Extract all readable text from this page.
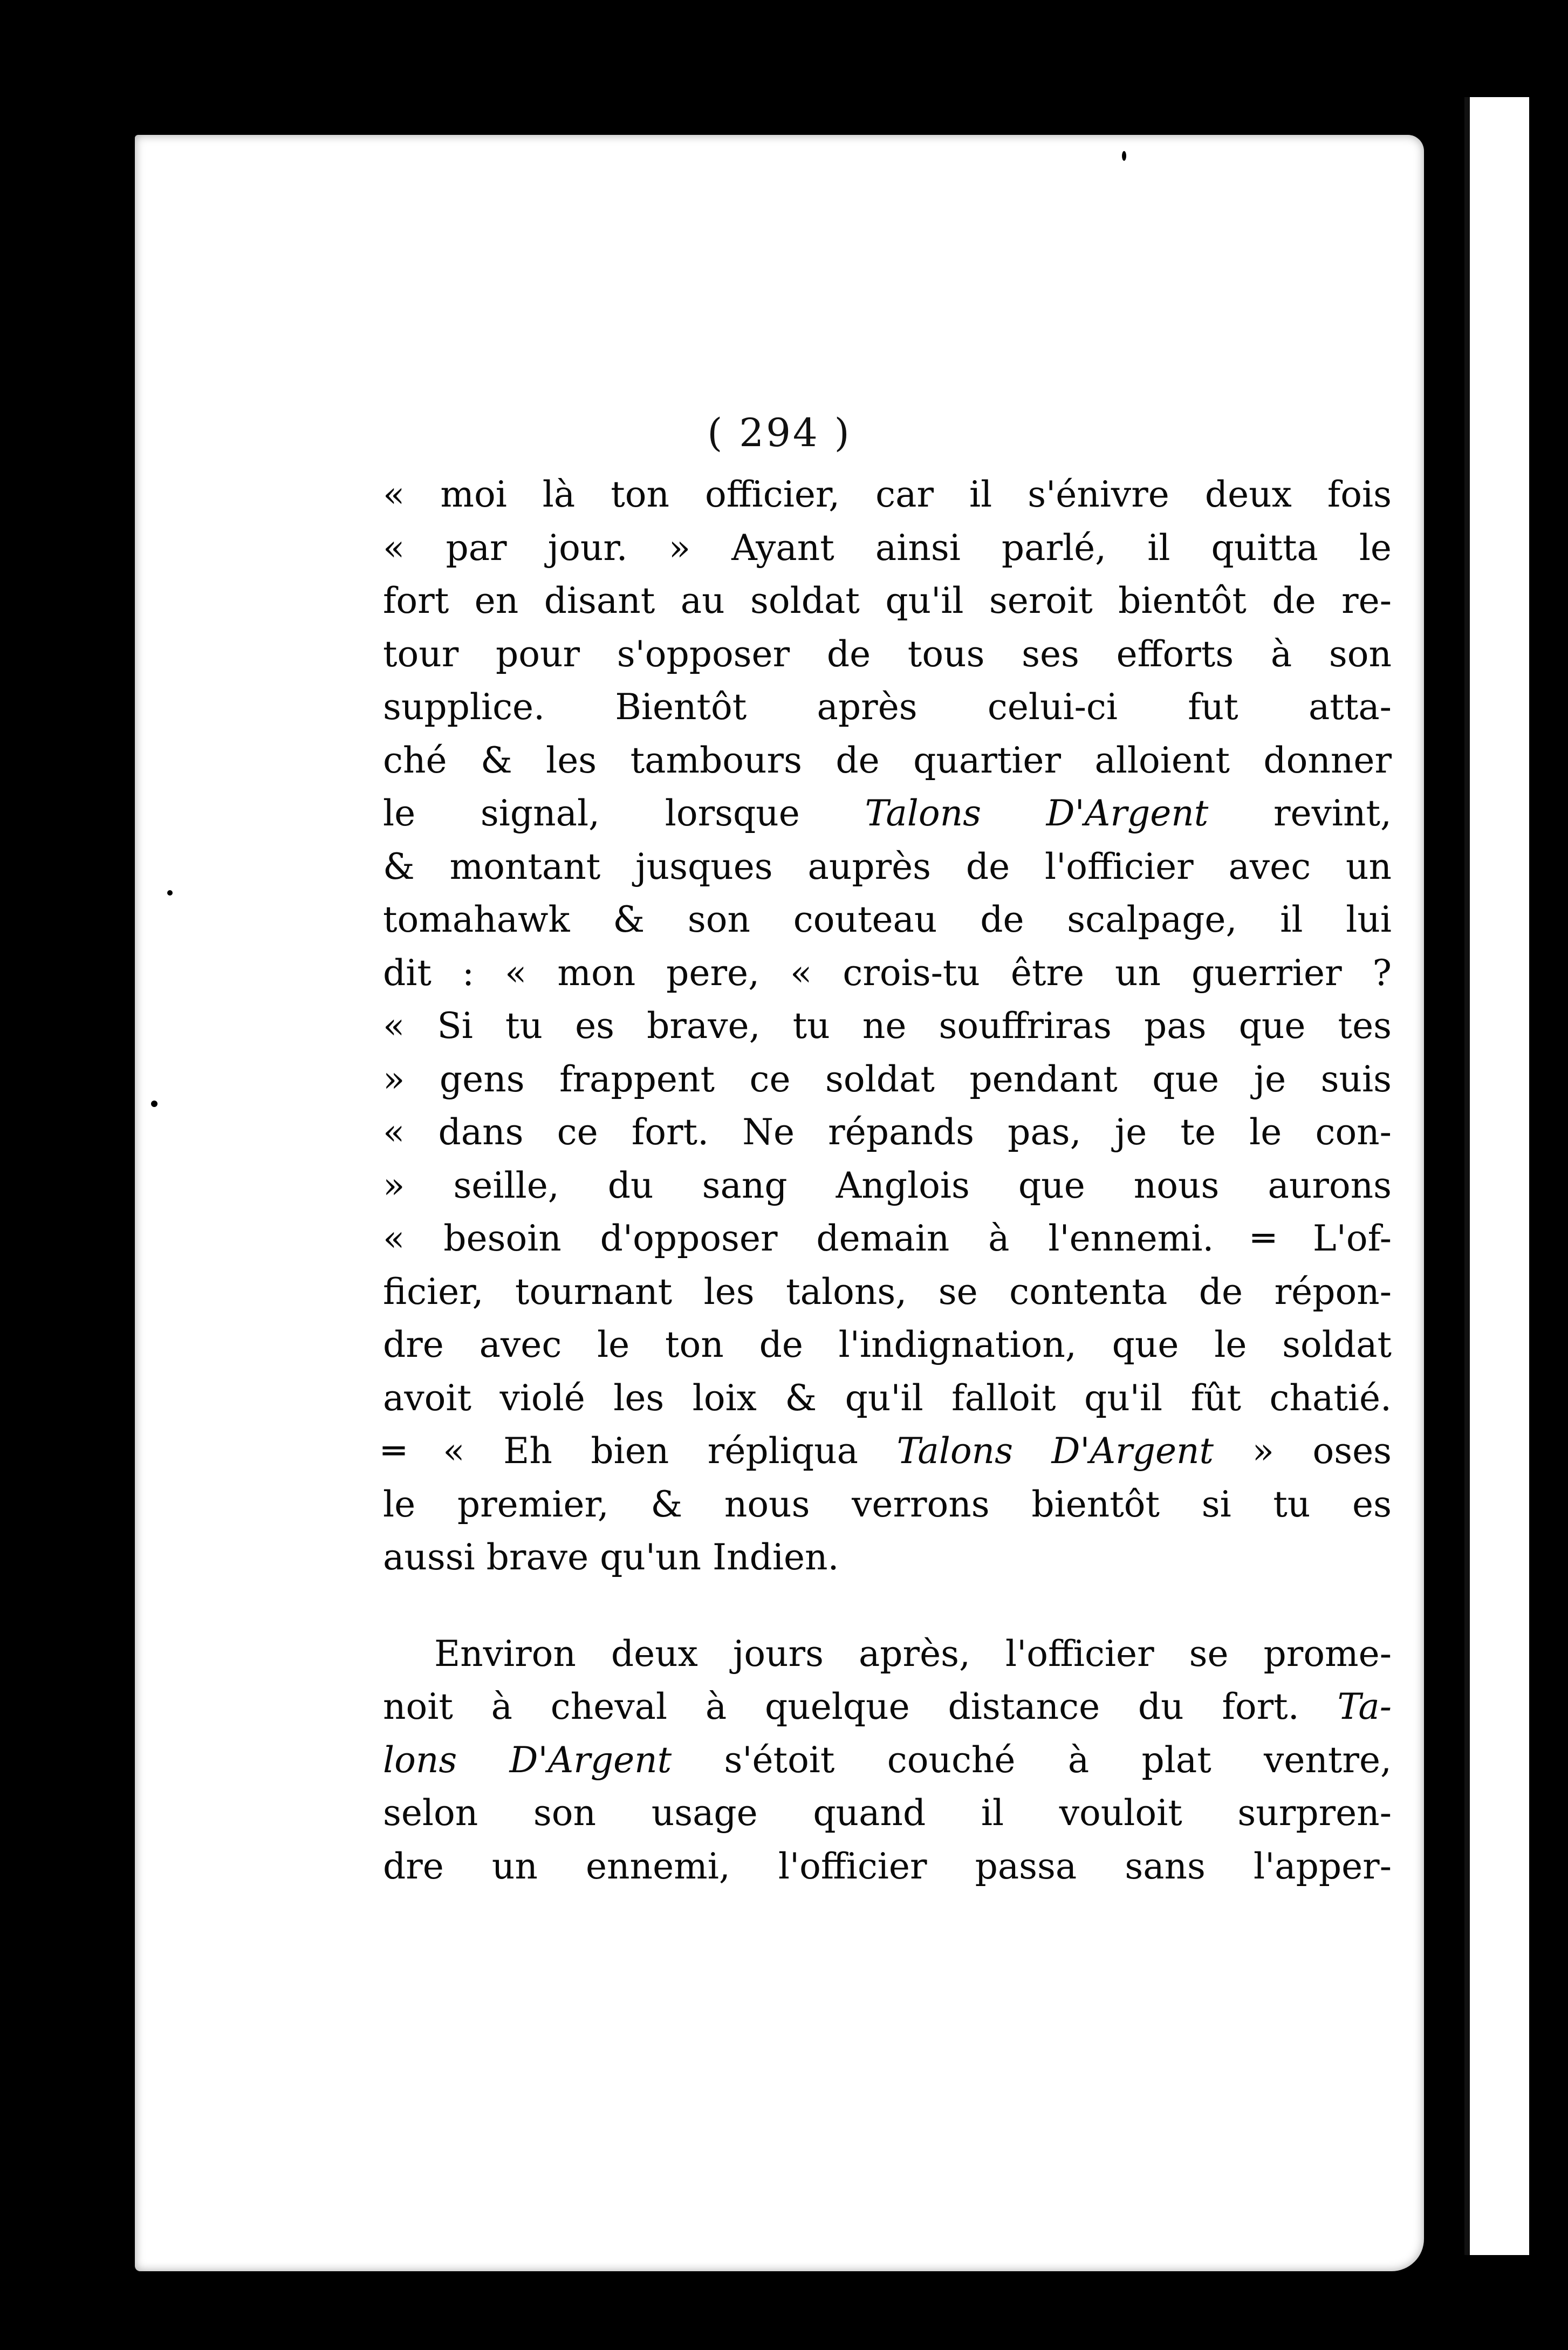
( 294 )
« moi là ton officier, car il s'énivre deux fois
« par jour. » Ayant ainsi parlé, il quitta le
fort en disant au soldat qu'il seroit bientôt de re-
tour pour s'opposer de tous ses efforts à son
supplice. Bientôt après celui-ci fut atta-
ché & les tambours de quartier alloient donner
le signal, lorsque Talons D'Argent revint,
& montant jusques auprès de l'officier avec un
tomahawk & son couteau de scalpage, il lui
dit : « mon pere, « crois-tu être un guerrier ?
« Si tu es brave, tu ne souffriras pas que tes
» gens frappent ce soldat pendant que je suis
« dans ce fort. Ne répands pas, je te le con-
» seille, du sang Anglois que nous aurons
« besoin d'opposer demain à l'ennemi. ═ L'of-
ficier, tournant les talons, se contenta de répon-
dre avec le ton de l'indignation, que le soldat
avoit violé les loix & qu'il falloit qu'il fût chatié.
═ « Eh bien répliqua Talons D'Argent » oses
le premier, & nous verrons bientôt si tu es
aussi brave qu'un Indien.
Environ deux jours après, l'officier se prome-
noit à cheval à quelque distance du fort. Ta-
lons D'Argent s'étoit couché à plat ventre,
selon son usage quand il vouloit surpren-
dre un ennemi, l'officier passa sans l'apper-
